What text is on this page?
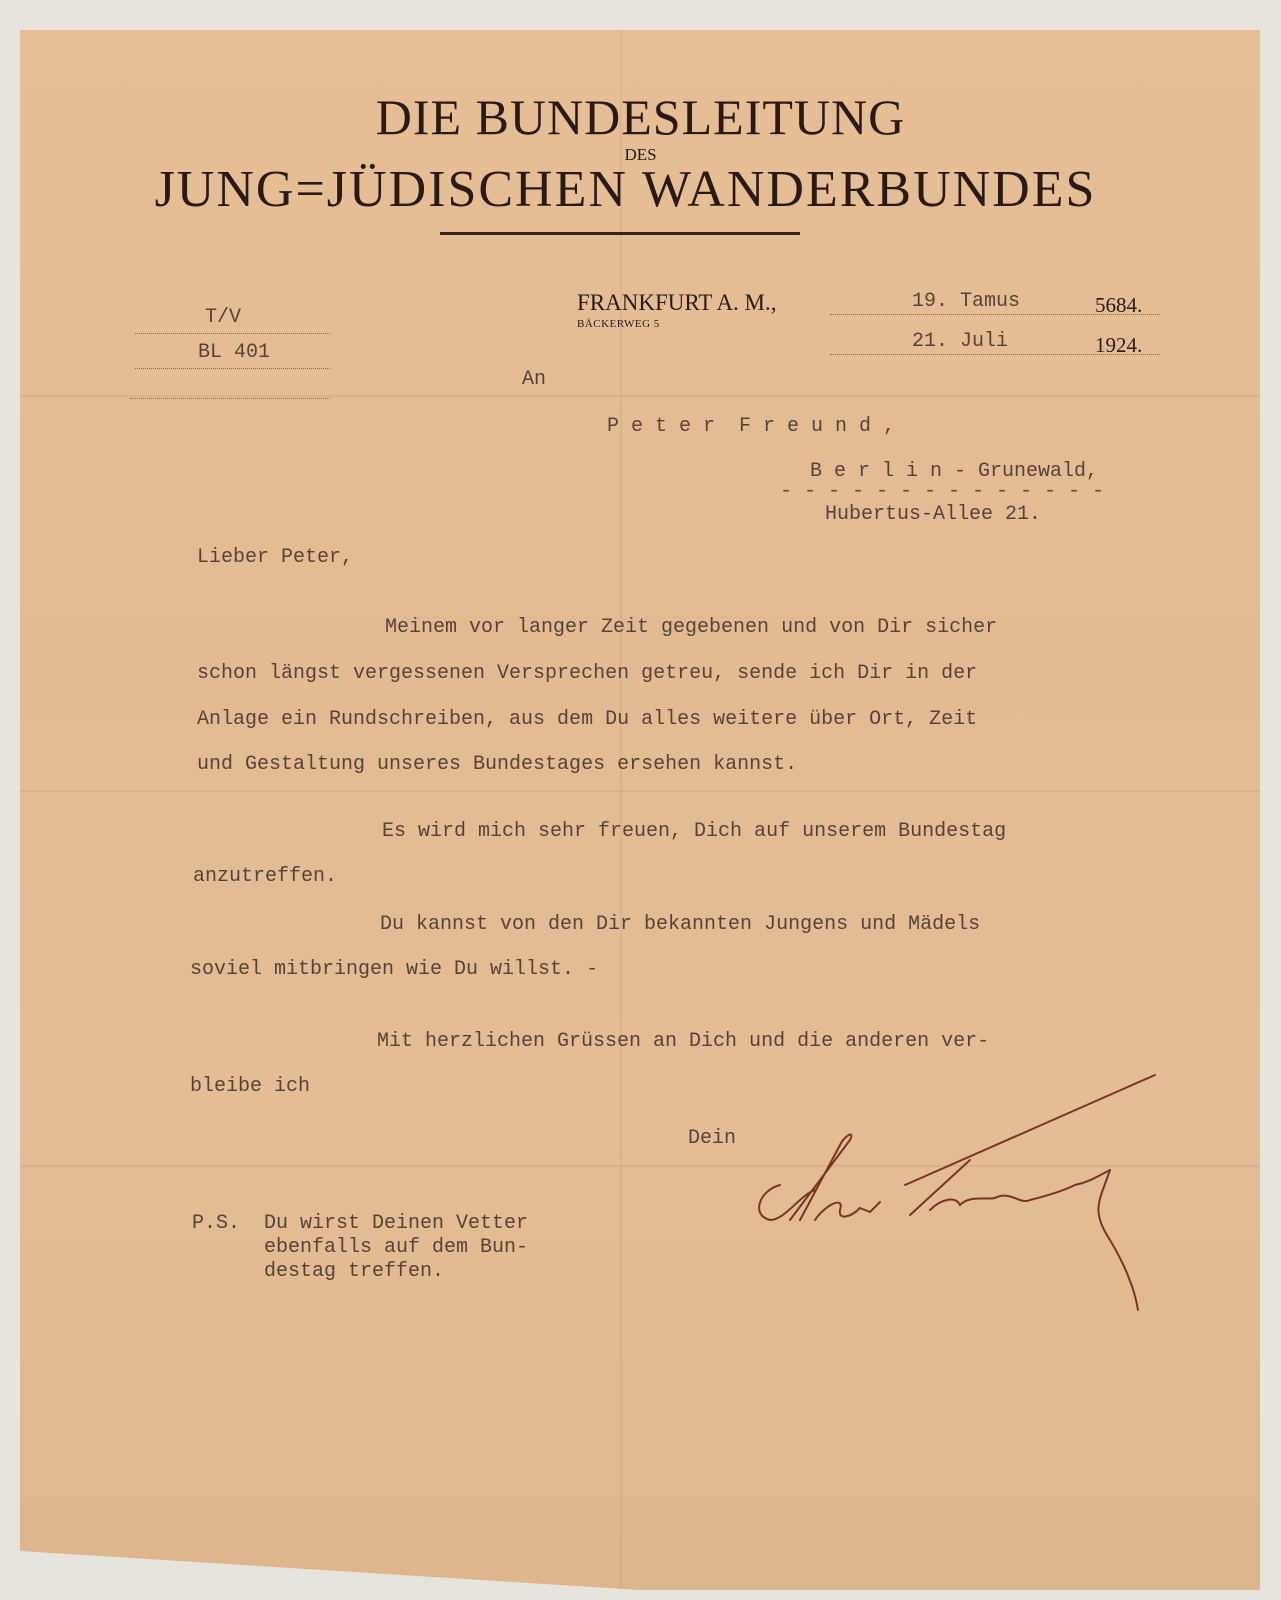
DIE BUNDESLEITUNG
DES
JUNG=JÜDISCHEN WANDERBUNDES
T/V
BL 401
FRANKFURT A. M.,
BÄCKERWEG 5
19. Tamus	5684.
21. Juli	1924.
An
P e t e r  F r e u n d ,
B e r l i n - Grunewald,
- - - - - - - - - - - - - -
Hubertus-Allee 21.
Lieber Peter,
Meinem vor langer Zeit gegebenen und von Dir sicher
schon längst vergessenen Versprechen getreu, sende ich Dir in der
Anlage ein Rundschreiben, aus dem Du alles weitere über Ort, Zeit
und Gestaltung unseres Bundestages ersehen kannst.
Es wird mich sehr freuen, Dich auf unserem Bundestag
anzutreffen.
Du kannst von den Dir bekannten Jungens und Mädels
soviel mitbringen wie Du willst. -
Mit herzlichen Grüssen an Dich und die anderen ver-
bleibe ich
Dein
P.S. Du wirst Deinen Vetter
ebenfalls auf dem Bun-
destag treffen.
